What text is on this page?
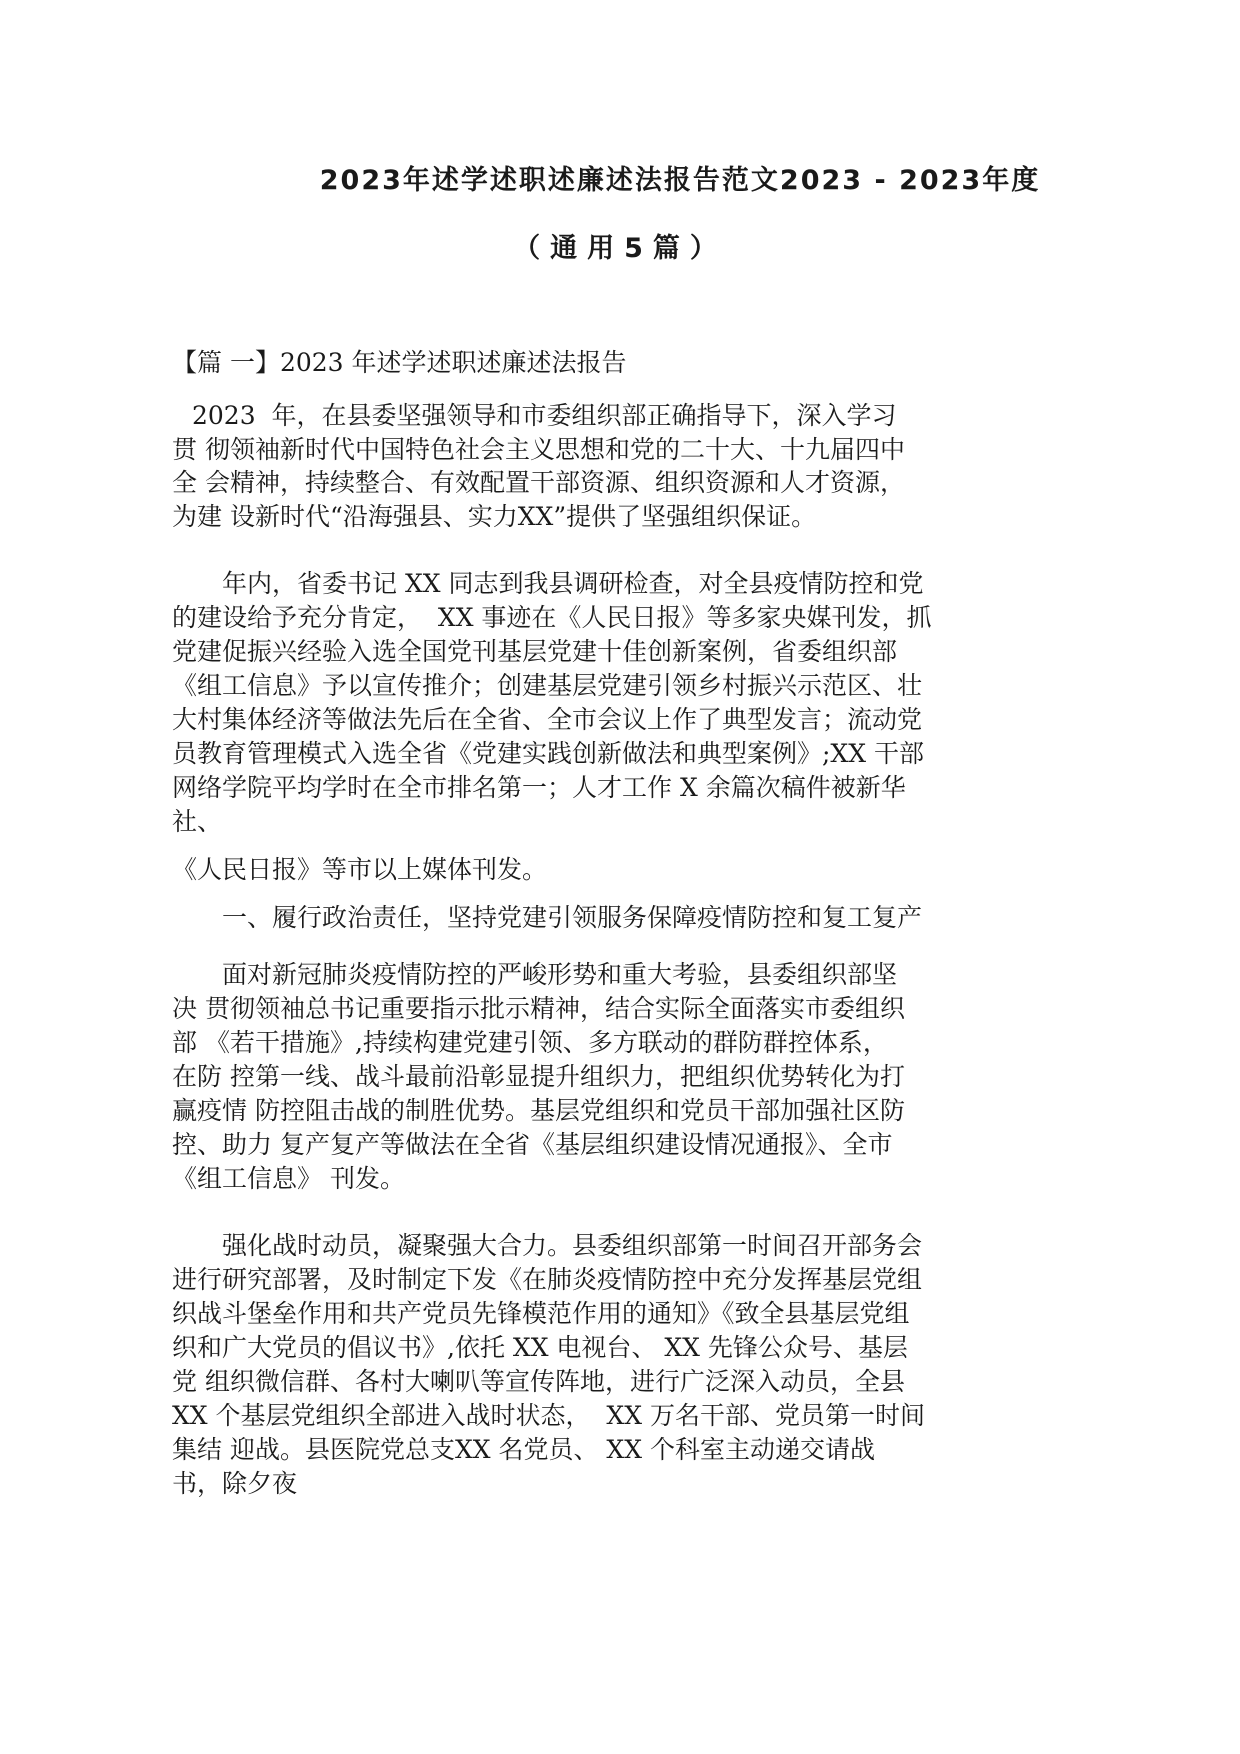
2023年述学述职述廉述法报告范文2023 - 2023年度
（通用5篇）
【篇 一】2023 年述学述职述廉述法报告
2023  年，在县委坚强领导和市委组织部正确指导下，深入学习
贯 彻领袖新时代中国特色社会主义思想和党的二十大、十九届四中
全 会精神，持续整合、有效配置干部资源、组织资源和人才资源，
为建 设新时代“沿海强县、实力XX”提供了坚强组织保证。
年内，省委书记 XX 同志到我县调研检查，对全县疫情防控和党
的建设给予充分肯定，  XX 事迹在《人民日报》等多家央媒刊发，抓
党建促振兴经验入选全国党刊基层党建十佳创新案例，省委组织部
《组工信息》予以宣传推介；创建基层党建引领乡村振兴示范区、壮
大村集体经济等做法先后在全省、全市会议上作了典型发言；流动党
员教育管理模式入选全省《党建实践创新做法和典型案例》;XX 干部
网络学院平均学时在全市排名第一；人才工作 X 余篇次稿件被新华
社、
《人民日报》等市以上媒体刊发。
一、履行政治责任，坚持党建引领服务保障疫情防控和复工复产
面对新冠肺炎疫情防控的严峻形势和重大考验，县委组织部坚
决 贯彻领袖总书记重要指示批示精神，结合实际全面落实市委组织
部 《若干措施》,持续构建党建引领、多方联动的群防群控体系，
在防 控第一线、战斗最前沿彰显提升组织力，把组织优势转化为打
赢疫情 防控阻击战的制胜优势。基层党组织和党员干部加强社区防
控、助力 复产复产等做法在全省《基层组织建设情况通报》、全市
《组工信息》 刊发。
强化战时动员，凝聚强大合力。县委组织部第一时间召开部务会
进行研究部署，及时制定下发《在肺炎疫情防控中充分发挥基层党组
织战斗堡垒作用和共产党员先锋模范作用的通知》《致全县基层党组
织和广大党员的倡议书》,依托 XX 电视台、 XX 先锋公众号、基层
党 组织微信群、各村大喇叭等宣传阵地，进行广泛深入动员，全县
XX 个基层党组织全部进入战时状态，  XX 万名干部、党员第一时间
集结 迎战。县医院党总支XX 名党员、 XX 个科室主动递交请战
书，除夕夜
